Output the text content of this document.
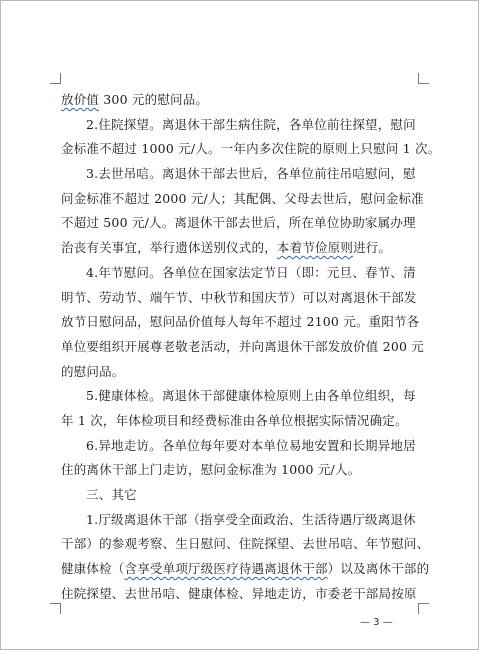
放价值 300 元的慰问品。
2.住院探望。离退休干部生病住院，各单位前往探望，慰问
金标准不超过 1000 元/人。一年内多次住院的原则上只慰问 1 次。
3.去世吊唁。离退休干部去世后，各单位前往吊唁慰问，慰
问金标准不超过 2000 元/人；其配偶、父母去世后，慰问金标准
不超过 500 元/人。离退休干部去世后，所在单位协助家属办理
治丧有关事宜，举行遗体送别仪式的，本着节俭原则进行。
4.年节慰问。各单位在国家法定节日（即：元旦、春节、清
明节、劳动节、端午节、中秋节和国庆节）可以对离退休干部发
放节日慰问品，慰问品价值每人每年不超过 2100 元。重阳节各
单位要组织开展尊老敬老活动，并向离退休干部发放价值 200 元
的慰问品。
5.健康体检。离退休干部健康体检原则上由各单位组织，每
年 1 次，年体检项目和经费标准由各单位根据实际情况确定。
6.异地走访。各单位每年要对本单位易地安置和长期异地居
住的离休干部上门走访，慰问金标准为 1000 元/人。
三、其它
1.厅级离退休干部（指享受全面政治、生活待遇厅级离退休
干部）的参观考察、生日慰问、住院探望、去世吊唁、年节慰问、
健康体检（含享受单项厅级医疗待遇离退休干部）以及离休干部的
住院探望、去世吊唁、健康体检、异地走访，市委老干部局按原
— 3 —
